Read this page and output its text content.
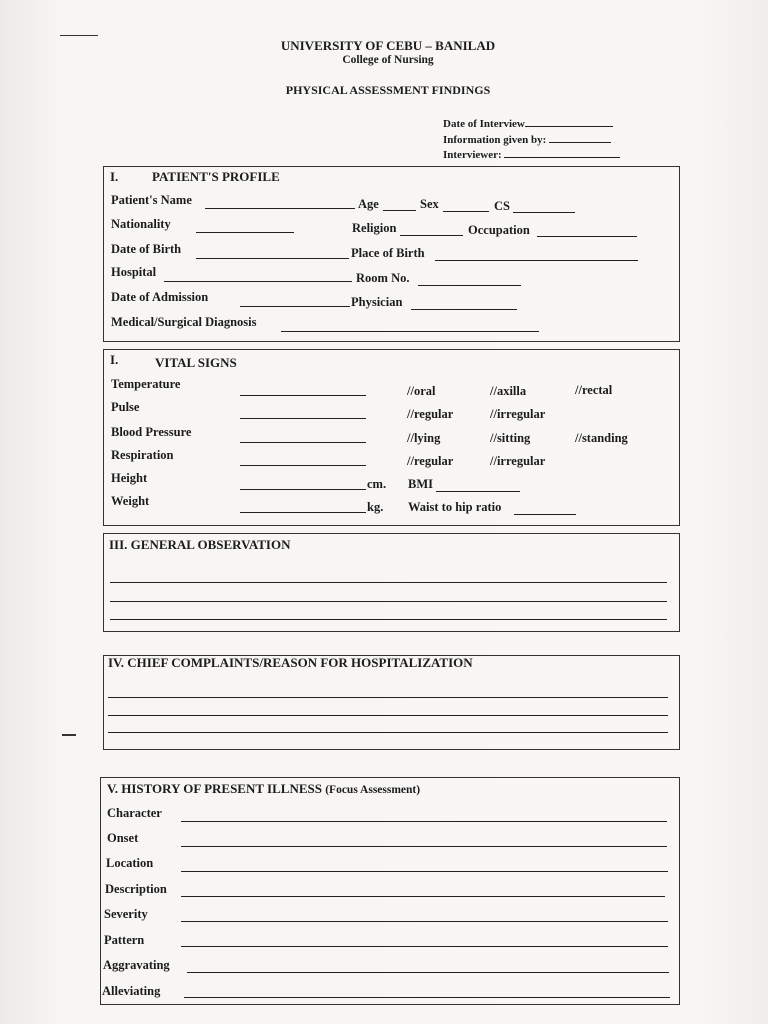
UNIVERSITY OF CEBU – BANILAD
College of Nursing
PHYSICAL ASSESSMENT FINDINGS
Date of Interview
Information given by:
Interviewer:
I.	PATIENT'S PROFILE
Patient's Name	Age	Sex	CS
Nationality	Religion	Occupation
Date of Birth	Place of Birth
Hospital	Room No.
Date of Admission	Physician
Medical/Surgical Diagnosis
I.	VITAL SIGNS
Temperature	//oral	//axilla	//rectal
Pulse	//regular	//irregular
Blood Pressure	//lying	//sitting	//standing
Respiration	//regular	//irregular
Height	cm. BMI
Weight	kg. Waist to hip ratio
III. GENERAL OBSERVATION
IV. CHIEF COMPLAINTS/REASON FOR HOSPITALIZATION
V. HISTORY OF PRESENT ILLNESS (Focus Assessment)
Character
Onset
Location
Description
Severity
Pattern
Aggravating
Alleviating
